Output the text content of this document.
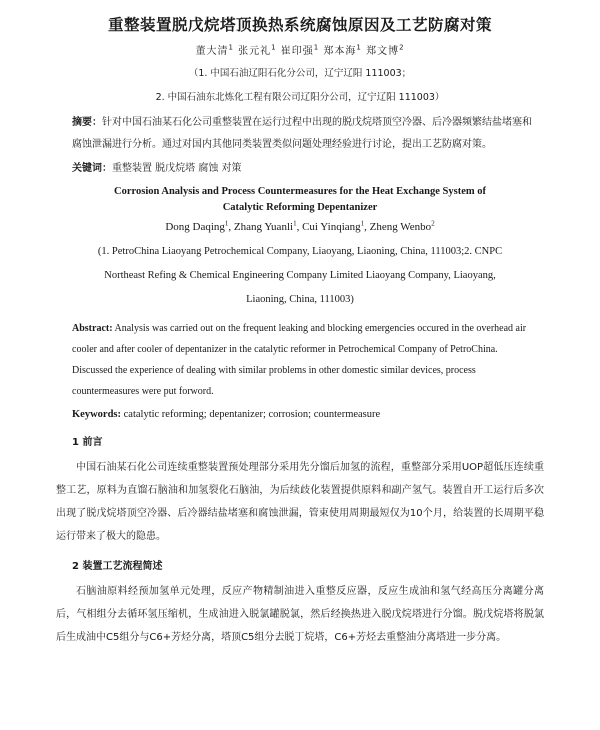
重整装置脱戊烷塔顶换热系统腐蚀原因及工艺防腐对策

董大清$^1$ 张元礼$^1$ 崔印强$^1$ 郑本海$^1$ 郑文博$^2$

（1. 中国石油辽阳石化分公司，辽宁辽阳 111003；

2. 中国石油东北炼化工程有限公司辽阳分公司，辽宁辽阳 111003）

摘要：针对中国石油某石化公司重整装置在运行过程中出现的脱戊烷塔顶空冷器、后冷器频繁结盐堵塞和腐蚀泄漏进行分析。通过对国内其他同类装置类似问题处理经验进行讨论，提出工艺防腐对策。

关键词：重整装置 脱戊烷塔 腐蚀 对策

Corrosion Analysis and Process Countermeasures for the Heat Exchange System of
Catalytic Reforming Depentanizer

Dong Daqing$^1$, Zhang Yuanli$^1$, Cui Yinqiang$^1$, Zheng Wenbo$^2$

(1. PetroChina Liaoyang Petrochemical Company, Liaoyang, Liaoning, China, 111003;2. CNPC
Northeast Refing & Chemical Engineering Company Limited Liaoyang Company, Liaoyang,
Liaoning, China, 111003)

Abstract: Analysis was carried out on the frequent leaking and blocking emergencies occured in the overhead air cooler and after cooler of depentanizer in the catalytic reformer in Petrochemical Company of PetroChina. Discussed the experience of dealing with similar problems in other domestic similar devices, process countermeasures were put forword.

Keywords: catalytic reforming; depentanizer; corrosion; countermeasure

1 前言

中国石油某石化公司连续重整装置预处理部分采用先分馏后加氢的流程，重整部分采用UOP超低压连续重整工艺，原料为直馏石脑油和加氢裂化石脑油，为后续歧化装置提供原料和副产氢气。装置自开工运行后多次出现了脱戊烷塔顶空冷器、后冷器结盐堵塞和腐蚀泄漏，管束使用周期最短仅为10个月，给装置的长周期平稳运行带来了极大的隐患。

2 装置工艺流程简述

石脑油原料经预加氢单元处理，反应产物精制油进入重整反应器，反应生成油和氢气经高压分离罐分离后，气相组分去循环氢压缩机，生成油进入脱氯罐脱氯，然后经换热进入脱戊烷塔进行分馏。脱戊烷塔将脱氯后生成油中C5组分与C6+芳烃分离，塔顶C5组分去脱丁烷塔，C6+芳烃去重整油分离塔进一步分离。
